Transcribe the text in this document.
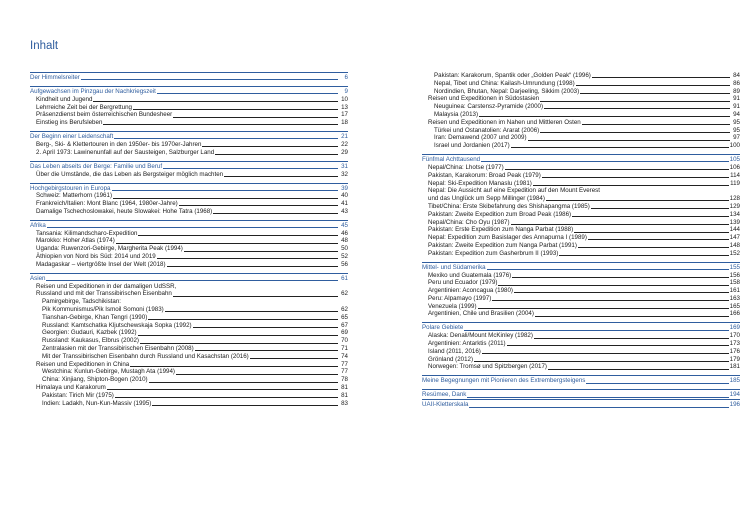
Inhalt
Der Himmelsreiter	6
Aufgewachsen im Pinzgau der Nachkriegszeit	9
Kindheit und Jugend	10
Lehrreiche Zeit bei der Bergrettung	13
Präsenzdienst beim österreichischen Bundesheer	17
Einstieg ins Berufsleben	18
Der Beginn einer Leidenschaft	21
Berg-, Ski- & Klettertouren in den 1950er- bis 1970er-Jahren	22
2. April 1973: Lawinenunfall auf der Sausteigen, Salzburger Land	29
Das Leben abseits der Berge: Familie und Beruf	31
Über die Umstände, die das Leben als Bergsteiger möglich machten	32
Hochgebirgstouren in Europa	39
Schweiz: Matterhorn (1961)	40
Frankreich/Italien: Mont Blanc (1964, 1980er-Jahre)	41
Damalige Tschechoslowakei, heute Slowakei: Hohe Tatra (1968)	43
Afrika	45
Tansania: Kilimandscharo-Expedition	46
Marokko: Hoher Atlas (1974)	48
Uganda: Ruwenzori-Gebirge, Margherita Peak (1994)	50
Äthiopien von Nord bis Süd: 2014 und 2019	52
Madagaskar – viertgrößte Insel der Welt (2018)	56
Asien	61
Reisen und Expeditionen in der damaligen UdSSR,
Russland und mit der Transsibirischen Eisenbahn	62
Pamirgebirge, Tadschikistan:
Pik Kommunismus/Pik Ismoil Somoni (1983)	62
Tianshan-Gebirge, Khan Tengri (1990)	65
Russland: Kamtschatka Kljutschewskaja Sopka (1992)	67
Georgien: Gudauri, Kazbek (1992)	69
Russland: Kaukasus, Elbrus (2002)	70
Zentralasien mit der Transsibirischen Eisenbahn (2008)	71
Mit der Transsibirischen Eisenbahn durch Russland und Kasachstan (2016)	74
Reisen und Expeditionen in China	77
Westchina: Kunlun-Gebirge, Mustagh Ata (1994)	77
China: Xinjiang, Shipton-Bogen (2010)	78
Himalaya und Karakorum	81
Pakistan: Tirich Mir (1975)	81
Indien: Ladakh, Nun-Kun-Massiv (1995)	83
Pakistan: Karakorum, Spantik oder „Golden Peak“ (1996)	84
Nepal, Tibet und China: Kailash-Umrundung (1998)	86
Nordindien, Bhutan, Nepal: Darjeeling, Sikkim (2003)	89
Reisen und Expeditionen in Südostasien	91
Neuguinea: Carstensz-Pyramide (2000)	91
Malaysia (2013)	94
Reisen und Expeditionen im Nahen und Mittleren Osten	95
Türkei und Ostanatolien: Ararat (2006)	95
Iran: Demawend (2007 und 2009)	97
Israel und Jordanien (2017)	100
Fünfmal Achttausend	105
Nepal/China: Lhotse (1977)	106
Pakistan, Karakorum: Broad Peak (1979)	114
Nepal: Ski-Expedition Manaslu (1981)	119
Nepal: Die Aussicht auf eine Expedition auf den Mount Everest
und das Unglück um Sepp Millinger (1984)	128
Tibet/China: Erste Skibefahrung des Shishapangma (1985)	129
Pakistan: Zweite Expedition zum Broad Peak (1986)	134
Nepal/China: Cho Oyu (1987)	139
Pakistan: Erste Expedition zum Nanga Parbat (1988)	144
Nepal: Expedition zum Basislager des Annapurna I (1989)	147
Pakistan: Zweite Expedition zum Nanga Parbat (1991)	148
Pakistan: Expedition zum Gasherbrum II (1993)	152
Mittel- und Südamerika	155
Mexiko und Guatemala (1976)	156
Peru und Ecuador (1979)	158
Argentinien: Aconcagua (1980)	161
Peru: Alpamayo (1997)	163
Venezuela (1999)	165
Argentinien, Chile und Brasilien (2004)	166
Polare Gebiete	169
Alaska: Denali/Mount McKinley (1982)	170
Argentinien: Antarktis (2011)	173
Island (2011, 2016)	176
Grönland (2012)	179
Norwegen: Tromsø und Spitzbergen (2017)	181
Meine Begegnungen mit Pionieren des Extrembergsteigens	185
Resümee, Dank	194
UAII-Kletterskala	196
